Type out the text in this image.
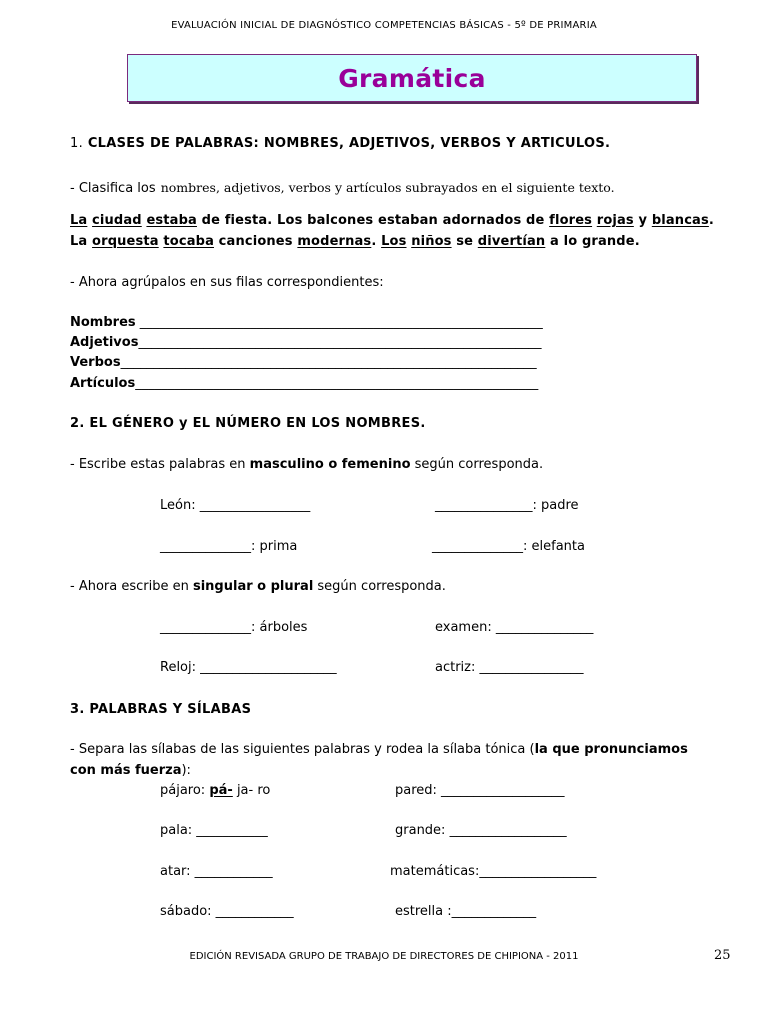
EVALUACIÓN INICIAL DE DIAGNÓSTICO COMPETENCIAS BÁSICAS - 5º DE PRIMARIA
Gramática
1. CLASES DE PALABRAS: NOMBRES, ADJETIVOS, VERBOS Y ARTICULOS.
- Clasifica los nombres, adjetivos, verbos y artículos subrayados en el siguiente texto.
La ciudad estaba de fiesta. Los balcones estaban adornados de flores rojas y blancas.
La orquesta tocaba canciones modernas. Los niños se divertían a lo grande.
- Ahora agrúpalos en sus filas correspondientes:
Nombres ______________________________________________________________
Adjetivos______________________________________________________________
Verbos________________________________________________________________
Artículos______________________________________________________________
2. EL GÉNERO y EL NÚMERO EN LOS NOMBRES.
- Escribe estas palabras en masculino o femenino según corresponda.
León: _________________	_______________: padre
______________: prima	______________: elefanta
- Ahora escribe en singular o plural según corresponda.
______________: árboles	examen: _______________
Reloj: _____________________	actriz: ________________
3. PALABRAS Y SÍLABAS
- Separa las sílabas de las siguientes palabras y rodea la sílaba tónica (la que pronunciamos
con más fuerza):
pájaro: pá- ja- ro	pared: ___________________
pala: ___________	grande: __________________
atar: ____________	matemáticas:__________________
sábado: ____________	estrella :_____________
EDICIÓN REVISADA GRUPO DE TRABAJO DE DIRECTORES DE CHIPIONA - 2011	25
